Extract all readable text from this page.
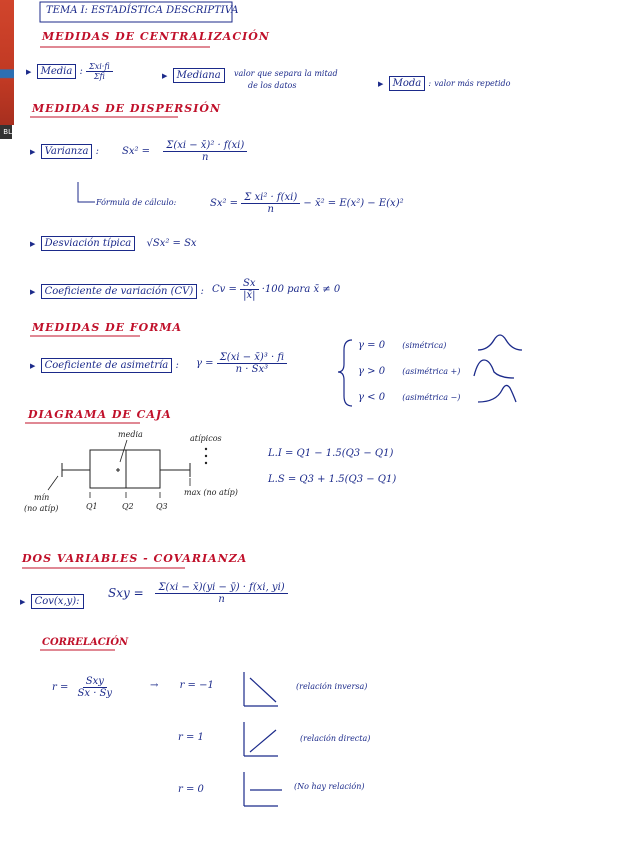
BL
TEMA I: ESTADÍSTICA DESCRIPTIVA
MEDIDAS DE CENTRALIZACIÓN
▶ Media : $\frac{\text{Σxi·fi}}{\text{Σfi}}$	▶ Mediana	valor que separa la mitad
de los datos	▶ Moda : valor más repetido
MEDIDAS DE DISPERSIÓN
▶ Varianza : $Sx^2 = \frac{\text{Σ(xi − x̄)² · f(xi)}}{n}$
Fórmula de cálculo:	$Sx^2 = \frac{\text{Σ xi² · f(xi)}}{n}$ − x̄² = E(x²) − E(x)²
▶ Desviación típica √Sx² = Sx
▶ Coeficiente de variación (CV) : $Cv = \frac{Sx}{|x̄|} \cdot 100$ para x̄ ≠ 0
MEDIDAS DE FORMA
▶ Coeficiente de asimetría : $\gamma = \frac{\text{Σ(xi − x̄)³ · fi}}{\text{n · Sx³}}$
γ = 0 (simétrica)
γ > 0 (asimétrica +)
γ < 0 (asimétrica −)
DIAGRAMA DE CAJA
media	atípicos
mín
(no atíp)	Q1	Q2	Q3
max (no atíp)
L.I = Q1 − 1.5(Q3 − Q1)
L.S = Q3 + 1.5(Q3 − Q1)
DOS VARIABLES - COVARIANZA
▶ Cov(x,y):
Sxy = $\frac{\Sigma(xi - x̄)(yi - ȳ) \cdot f(xi, yi)}{n}$
CORRELACIÓN
$r = \frac{\text{Sxy}}{Sx \cdot Sy}$	→ r = −1	(relación inversa)
r = 1	(relación directa)
r = 0	(No hay relación)
